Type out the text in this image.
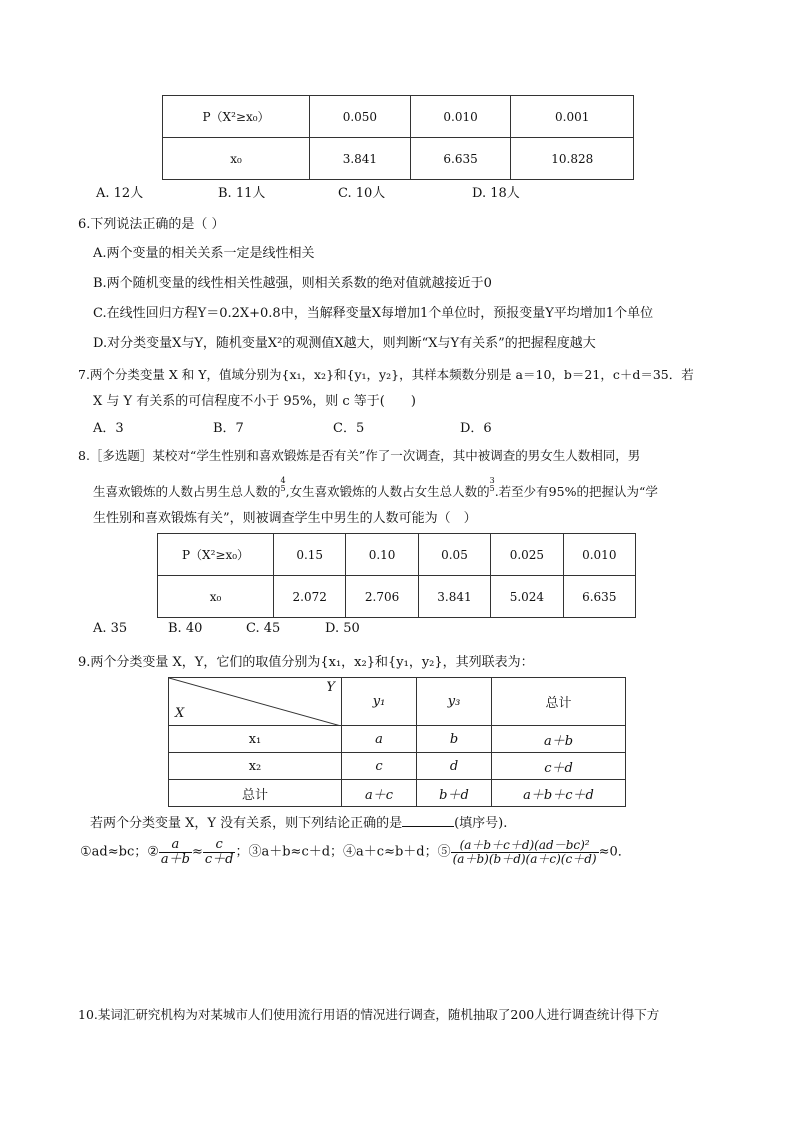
P（Χ²≥x₀）	0.050	0.010	0.001
x₀	3.841	6.635	10.828
A. 12人	B. 11人	C. 10人	D. 18人
6.下列说法正确的是（ ）
A.两个变量的相关关系一定是线性相关
B.两个随机变量的线性相关性越强，则相关系数的绝对值就越接近于0
C.在线性回归方程Y＝0.2X+0.8中，当解释变量X每增加1个单位时，预报变量Y平均增加1个单位
D.对分类变量X与Y，随机变量Χ²的观测值Χ越大，则判断“X与Y有关系”的把握程度越大
7.两个分类变量 X 和 Y，值域分别为{x₁，x₂}和{y₁，y₂}，其样本频数分别是 a＝10，b＝21，c＋d＝35．若
X 与 Y 有关系的可信程度不小于 95%，则 c 等于(　　)
A．3	B．7	C．5	D．6
8.［多选题］某校对“学生性别和喜欢锻炼是否有关”作了一次调查，其中被调查的男女生人数相同，男
生喜欢锻炼的人数占男生总人数的
4
5 ,女生喜欢锻炼的人数占女生总人数的
3
5 .若至少有95%的把握认为“学
生性别和喜欢锻炼有关”，则被调查学生中男生的人数可能为（　）
P（Χ²≥x₀）	0.15	0.10	0.05	0.025	0.010
x₀	2.072	2.706	3.841	5.024	6.635
A. 35	B. 40	C. 45	D. 50
9.两个分类变量 X，Y，它们的取值分别为{x₁，x₂}和{y₁，y₂}，其列联表为：
Y
X	y₁	y₃	总计
x₁	a	b	a＋b
x₂	c	d	c＋d
总计	a＋c	b＋d	a＋b＋c＋d
若两个分类变量 X，Y 没有关系，则下列结论正确的是	(填序号).
①ad≈bc；② $\frac{a}{a+b} \approx \frac{c}{c+d}$ ；③a＋b≈c＋d；④a＋c≈b＋d；⑤ $\frac{\text{(a＋b＋c＋d)(ad－bc)²}}{(a+b)(b+d)(a+c)(c+d)} \approx 0$．
10.某词汇研究机构为对某城市人们使用流行用语的情况进行调查，随机抽取了200人进行调查统计得下方
